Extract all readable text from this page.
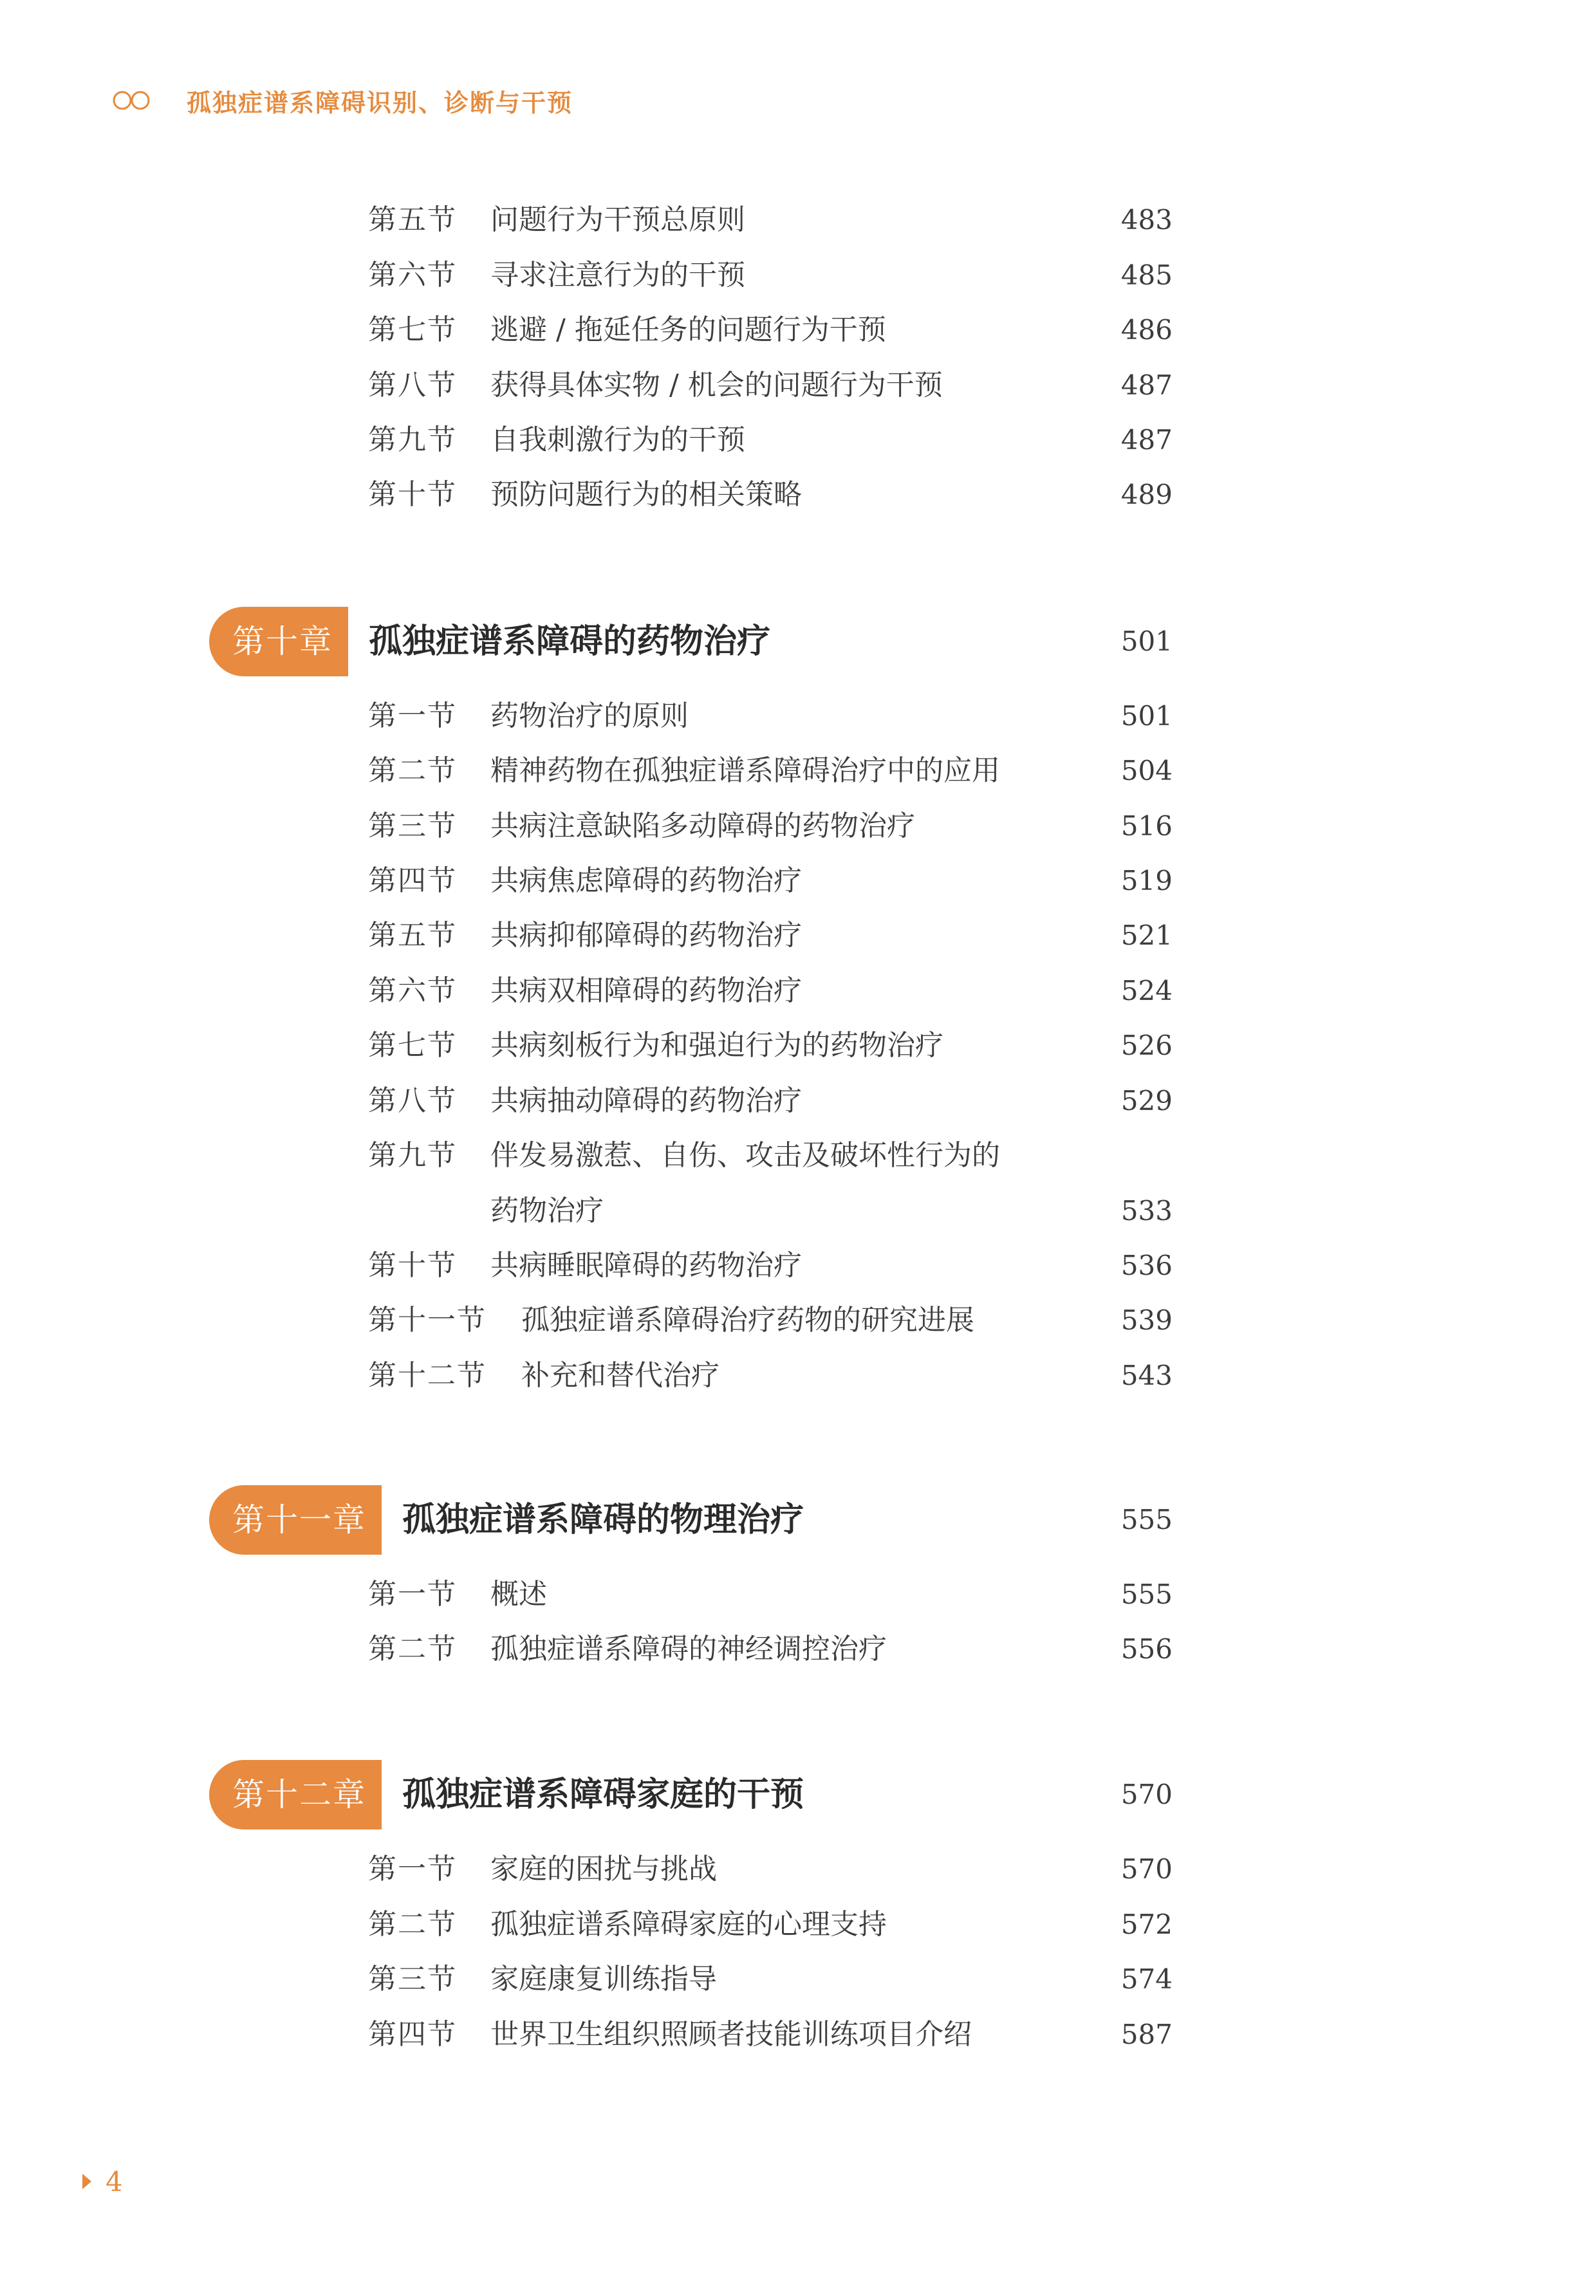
孤独症谱系障碍识别、诊断与干预
第五节 问题行为干预总原则	483
第六节 寻求注意行为的干预	485
第七节 逃避 / 拖延任务的问题行为干预	486
第八节 获得具体实物 / 机会的问题行为干预	487
第九节 自我刺激行为的干预	487
第十节 预防问题行为的相关策略	489
第十章	孤独症谱系障碍的药物治疗	501
第一节 药物治疗的原则	501
第二节 精神药物在孤独症谱系障碍治疗中的应用	504
第三节 共病注意缺陷多动障碍的药物治疗	516
第四节 共病焦虑障碍的药物治疗	519
第五节 共病抑郁障碍的药物治疗	521
第六节 共病双相障碍的药物治疗	524
第七节 共病刻板行为和强迫行为的药物治疗	526
第八节 共病抽动障碍的药物治疗	529
第九节 伴发易激惹、自伤、攻击及破坏性行为的
药物治疗	533
第十节 共病睡眠障碍的药物治疗	536
第十一节 孤独症谱系障碍治疗药物的研究进展	539
第十二节 补充和替代治疗	543
第十一章	孤独症谱系障碍的物理治疗	555
第一节 概述	555
第二节 孤独症谱系障碍的神经调控治疗	556
第十二章	孤独症谱系障碍家庭的干预	570
第一节 家庭的困扰与挑战	570
第二节 孤独症谱系障碍家庭的心理支持	572
第三节 家庭康复训练指导	574
第四节 世界卫生组织照顾者技能训练项目介绍	587
4
